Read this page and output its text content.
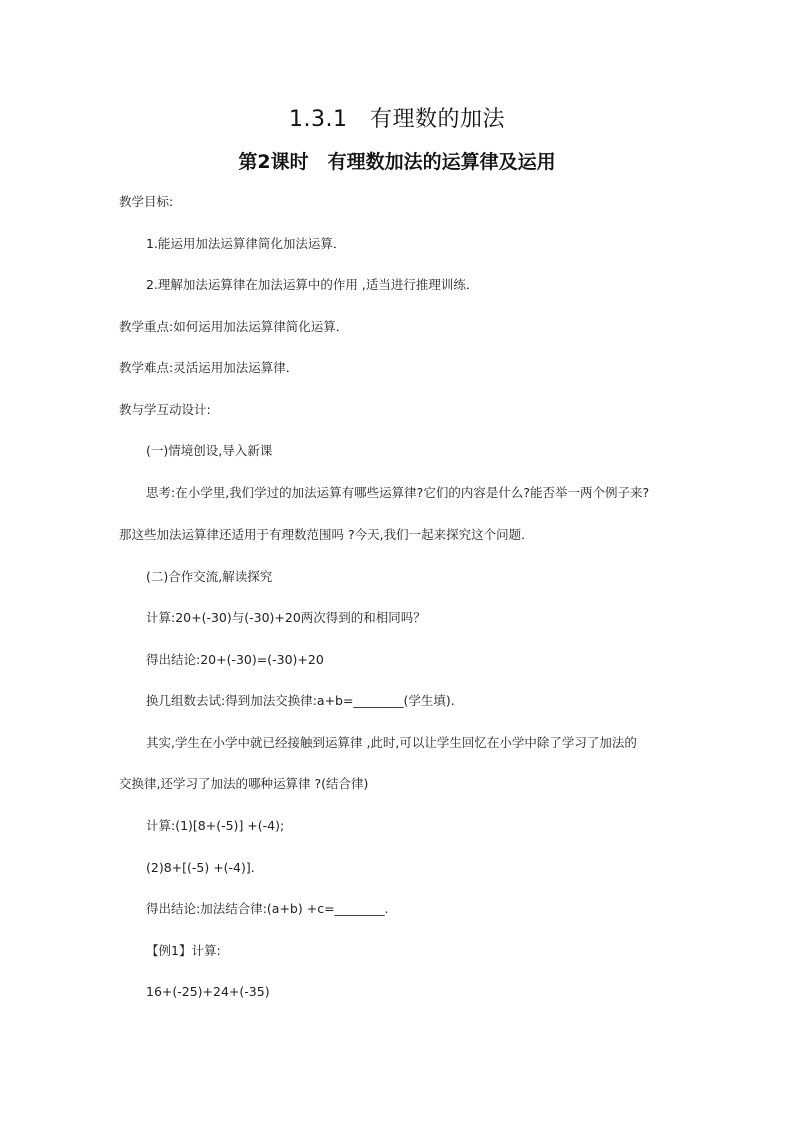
1.3.1　有理数的加法
第2课时　有理数加法的运算律及运用
教学目标:
1.能运用加法运算律简化加法运算．
2.理解加法运算律在加法运算中的作用 ,适当进行推理训练．
教学重点:如何运用加法运算律简化运算．
教学难点:灵活运用加法运算律．
教与学互动设计:
(一)情境创设,导入新课
思考:在小学里,我们学过的加法运算有哪些运算律?它们的内容是什么?能否举一两个例子来?
那这些加法运算律还适用于有理数范围吗 ?今天,我们一起来探究这个问题．
(二)合作交流,解读探究
计算:20+(-30)与(-30)+20两次得到的和相同吗？
得出结论:20+(-30)=(-30)+20
换几组数去试:得到加法交换律:a+b=________(学生填).
其实,学生在小学中就已经接触到运算律 ,此时,可以让学生回忆在小学中除了学习了加法的
交换律,还学习了加法的哪种运算律 ?(结合律)
计算:(1)[8+(-5)] +(-4);
(2)8+[(-5) +(-4)].
得出结论:加法结合律:(a+b) +c=________.
【例1】计算:
16+(-25)+24+(-35)
